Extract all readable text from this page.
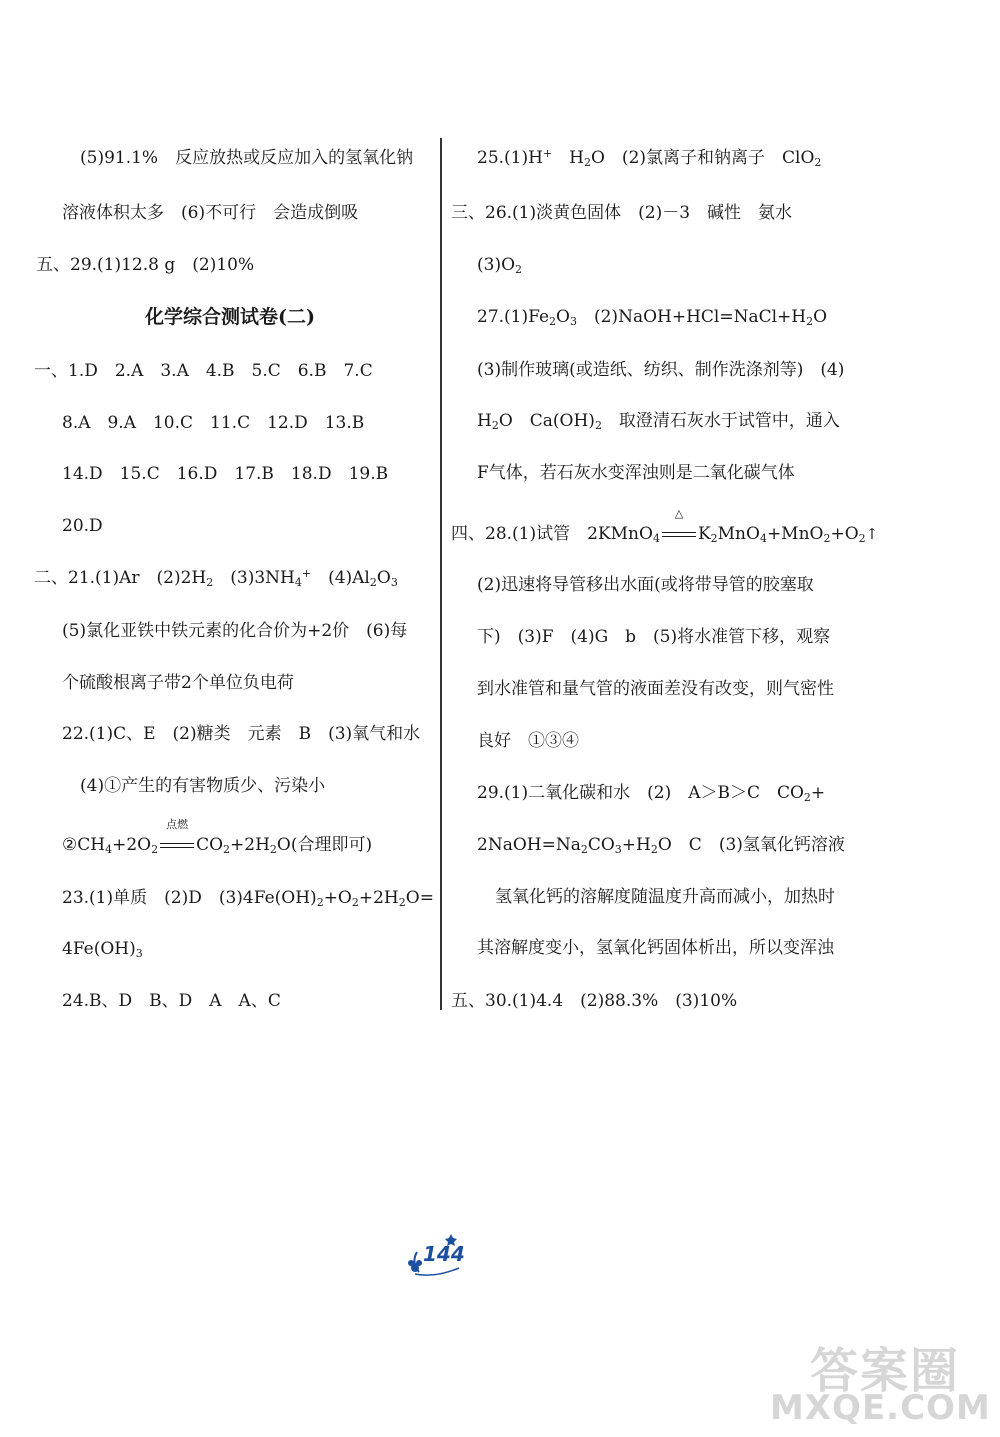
(5)91.1%　反应放热或反应加入的氢氧化钠
溶液体积太多　(6)不可行　会造成倒吸
五、29.(1)12.8 g　(2)10%
化学综合测试卷(二)
一、1.D　2.A　3.A　4.B　5.C　6.B　7.C
8.A　9.A　10.C　11.C　12.D　13.B
14.D　15.C　16.D　17.B　18.D　19.B
20.D
二、21.(1)Ar　$(2)2H_2$　$(3)3NH_4^+$　$(4)Al_2O_3$
(5)氯化亚铁中铁元素的化合价为+2价　(6)每
个硫酸根离子带2个单位负电荷
22.(1)C、E　(2)糖类　元素　B　(3)氧气和水
(4)①产生的有害物质少、污染小
$②CH_4+2O_2$
点燃
$CO_2+2H_2O$(合理即可)
23.(1)单质　(2)D　$(3)4Fe(OH)_2+O_2+2H_2O=$
$4Fe(OH)_3$
24.B、D　B、D　A　A、C
25.(1)H+　$H_2O$　(2)氯离子和钠离子　ClO$_2$
三、26.(1)淡黄色固体　(2)－3　碱性　氨水
$(3)O_2$
$27.(1)Fe_2O_3$　$(2)NaOH+HCl=NaCl+H_2O$
(3)制作玻璃(或造纸、纺织、制作洗涤剂等)　(4)
$H_2O$　$Ca(OH)_2$　取澄清石灰水于试管中，通入
F气体，若石灰水变浑浊则是二氧化碳气体
四、28.(1)试管　2KMnO$_4$
△
$K_2MnO_4+MnO_2+O_2↑$
(2)迅速将导管移出水面(或将带导管的胶塞取
下)　(3)F　(4)G　b　(5)将水准管下移，观察
到水准管和量气管的液面差没有改变，则气密性
良好　①③④
29.(1)二氧化碳和水　(2)　A＞B＞C　$CO_2+$
$2NaOH=Na_2CO_3+H_2O$　C　(3)氢氧化钙溶液
氢氧化钙的溶解度随温度升高而减小，加热时
其溶解度变小，氢氧化钙固体析出，所以变浑浊
五、30.(1)4.4　(2)88.3%　(3)10%
144
答案圈
MXQE.COM
